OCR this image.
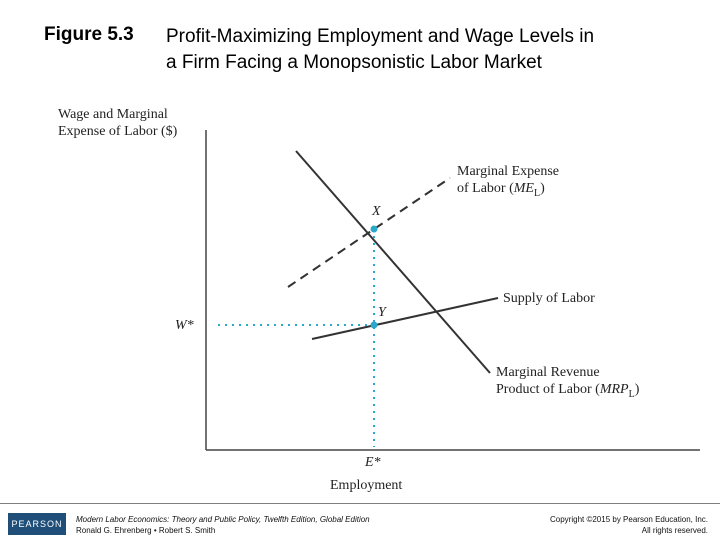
Figure 5.3 Profit-Maximizing Employment and Wage Levels in a Firm Facing a Monopsonistic Labor Market
Wage and Marginal
Expense of Labor ($)
W*
E*
Employment
X
Y
Marginal Expense
of Labor $(ME_L)$
Supply of Labor
Marginal Revenue
Product of Labor $(MRP_L)$
PEARSON	Modern Labor Economics: Theory and Public Policy, Twelfth Edition, Global Edition
Ronald G. Ehrenberg • Robert S. Smith
Copyright ©2015 by Pearson Education, Inc.
All rights reserved.
